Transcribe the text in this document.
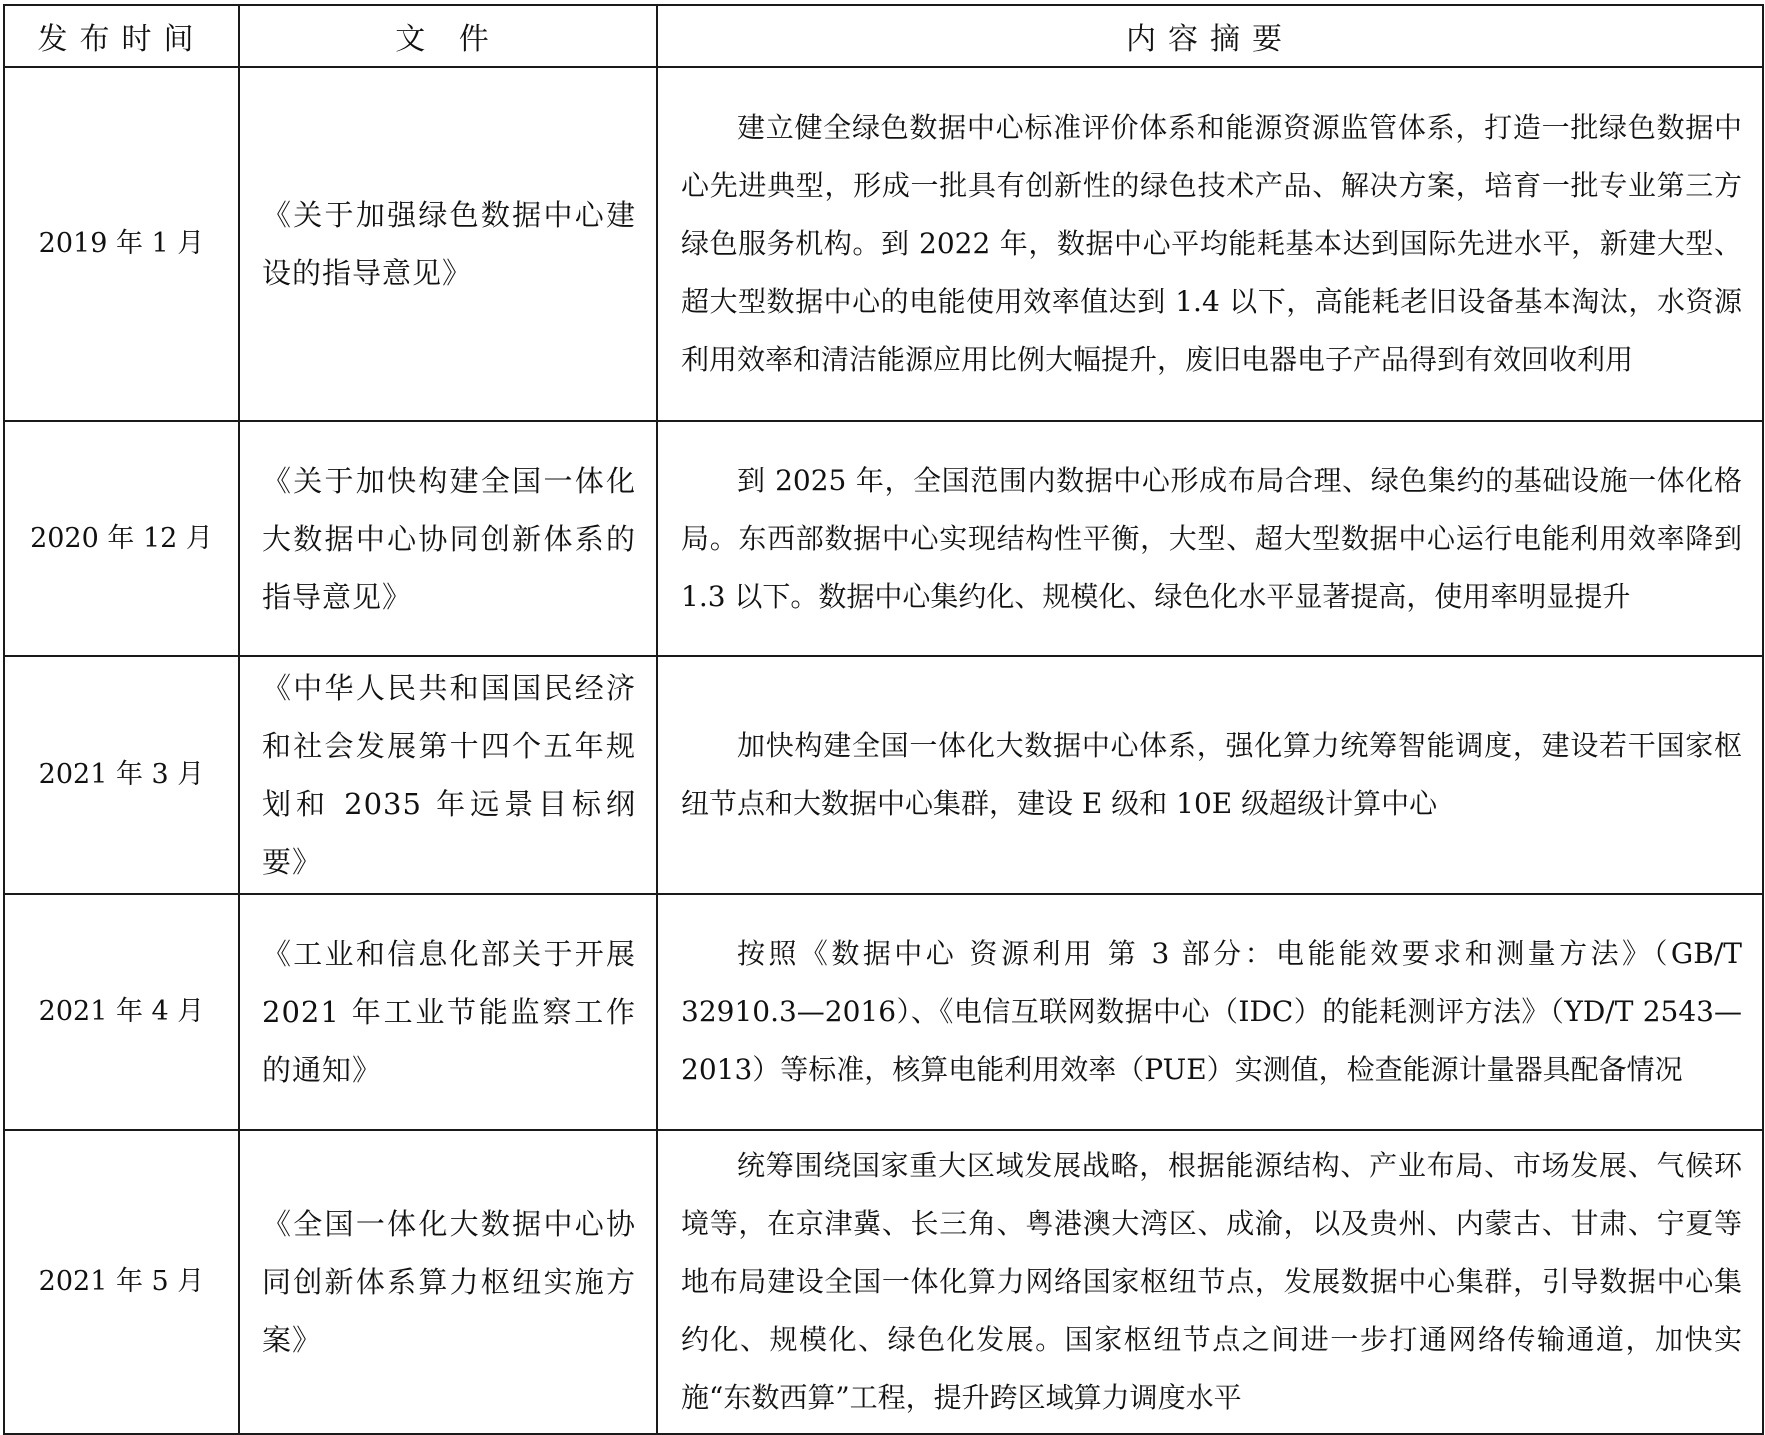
发布时间	文 件	内容摘要
2019 年 1 月	《关于加强绿色数据中心建设的指导意见》	建立健全绿色数据中心标准评价体系和能源资源监管体系，打造一批绿色数据中心先进典型，形成一批具有创新性的绿色技术产品、解决方案，培育一批专业第三方绿色服务机构。到 2022 年，数据中心平均能耗基本达到国际先进水平，新建大型、超大型数据中心的电能使用效率值达到 1.4 以下，高能耗老旧设备基本淘汰，水资源利用效率和清洁能源应用比例大幅提升，废旧电器电子产品得到有效回收利用
2020 年 12 月	《关于加快构建全国一体化大数据中心协同创新体系的指导意见》	到 2025 年，全国范围内数据中心形成布局合理、绿色集约的基础设施一体化格局。东西部数据中心实现结构性平衡，大型、超大型数据中心运行电能利用效率降到 1.3 以下。数据中心集约化、规模化、绿色化水平显著提高，使用率明显提升
2021 年 3 月	《中华人民共和国国民经济和社会发展第十四个五年规划和 2035 年远景目标纲要》	加快构建全国一体化大数据中心体系，强化算力统筹智能调度，建设若干国家枢纽节点和大数据中心集群，建设 E 级和 10E 级超级计算中心
2021 年 4 月	《工业和信息化部关于开展 2021 年工业节能监察工作的通知》	按照《数据中心 资源利用 第 3 部分：电能能效要求和测量方法》（GB/T 32910.3—2016）、《电信互联网数据中心（IDC）的能耗测评方法》（YD/T 2543—2013）等标准，核算电能利用效率（PUE）实测值，检查能源计量器具配备情况
2021 年 5 月	《全国一体化大数据中心协同创新体系算力枢纽实施方案》	统筹围绕国家重大区域发展战略，根据能源结构、产业布局、市场发展、气候环境等，在京津冀、长三角、粤港澳大湾区、成渝，以及贵州、内蒙古、甘肃、宁夏等地布局建设全国一体化算力网络国家枢纽节点，发展数据中心集群，引导数据中心集约化、规模化、绿色化发展。国家枢纽节点之间进一步打通网络传输通道，加快实施“东数西算”工程，提升跨区域算力调度水平
